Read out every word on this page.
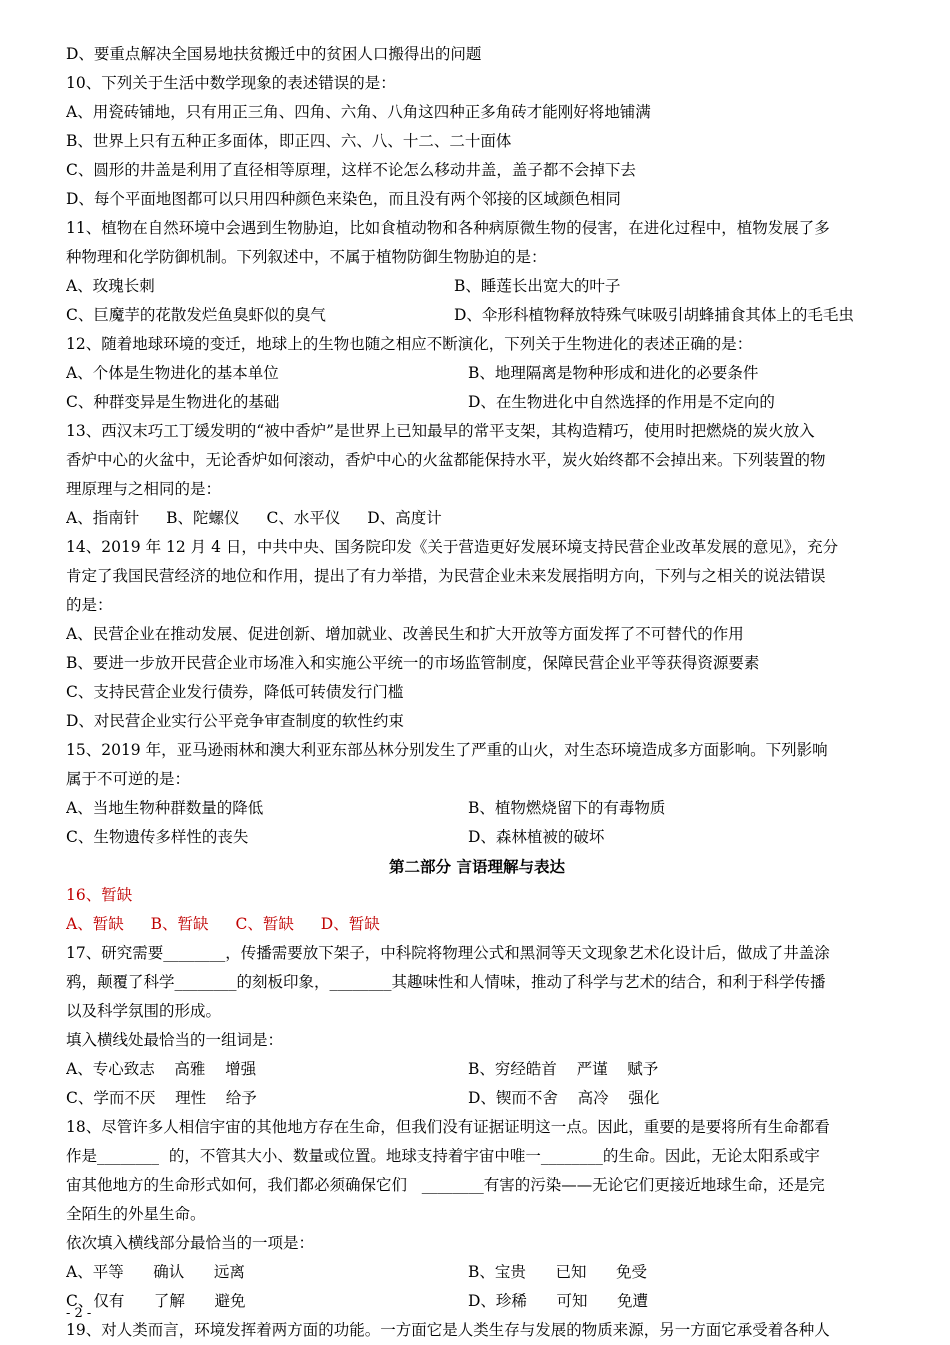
D、要重点解决全国易地扶贫搬迁中的贫困人口搬得出的问题
10、下列关于生活中数学现象的表述错误的是：
A、用瓷砖铺地，只有用正三角、四角、六角、八角这四种正多角砖才能刚好将地铺满
B、世界上只有五种正多面体，即正四、六、八、十二、二十面体
C、圆形的井盖是利用了直径相等原理，这样不论怎么移动井盖，盖子都不会掉下去
D、每个平面地图都可以只用四种颜色来染色，而且没有两个邻接的区域颜色相同
11、植物在自然环境中会遇到生物胁迫，比如食植动物和各种病原微生物的侵害，在进化过程中，植物发展了多
种物理和化学防御机制。下列叙述中，不属于植物防御生物胁迫的是：
A、玫瑰长刺	B、睡莲长出宽大的叶子
C、巨魔芋的花散发烂鱼臭虾似的臭气	D、伞形科植物释放特殊气味吸引胡蜂捕食其体上的毛毛虫
12、随着地球环境的变迁，地球上的生物也随之相应不断演化，下列关于生物进化的表述正确的是：
A、个体是生物进化的基本单位	B、地理隔离是物种形成和进化的必要条件
C、种群变异是生物进化的基础	D、在生物进化中自然选择的作用是不定向的
13、西汉末巧工丁缓发明的“被中香炉”是世界上已知最早的常平支架，其构造精巧，使用时把燃烧的炭火放入
香炉中心的火盆中，无论香炉如何滚动，香炉中心的火盆都能保持水平，炭火始终都不会掉出来。下列装置的物
理原理与之相同的是：
A、指南针 B、陀螺仪 C、水平仪 D、高度计
14、2019 年 12 月 4 日，中共中央、国务院印发《关于营造更好发展环境支持民营企业改革发展的意见》，充分
肯定了我国民营经济的地位和作用，提出了有力举措，为民营企业未来发展指明方向，下列与之相关的说法错误
的是：
A、民营企业在推动发展、促进创新、增加就业、改善民生和扩大开放等方面发挥了不可替代的作用
B、要进一步放开民营企业市场准入和实施公平统一的市场监管制度，保障民营企业平等获得资源要素
C、支持民营企业发行债券，降低可转债发行门槛
D、对民营企业实行公平竞争审查制度的软性约束
15、2019 年，亚马逊雨林和澳大利亚东部丛林分别发生了严重的山火，对生态环境造成多方面影响。下列影响
属于不可逆的是：
A、当地生物种群数量的降低	B、植物燃烧留下的有毒物质
C、生物遗传多样性的丧失	D、森林植被的破坏
第二部分 言语理解与表达
16、暂缺
A、暂缺 B、暂缺 C、暂缺 D、暂缺
17、研究需要________，传播需要放下架子，中科院将物理公式和黑洞等天文现象艺术化设计后，做成了井盖涂
鸦，颠覆了科学________的刻板印象，________其趣味性和人情味，推动了科学与艺术的结合，和利于科学传播
以及科学氛围的形成。
填入横线处最恰当的一组词是：
A、专心致志    高雅    增强	B、穷经皓首    严谨    赋予
C、学而不厌    理性    给予	D、锲而不舍    高冷    强化
18、尽管许多人相信宇宙的其他地方存在生命，但我们没有证据证明这一点。因此，重要的是要将所有生命都看
作是________  的，不管其大小、数量或位置。地球支持着宇宙中唯一________的生命。因此，无论太阳系或宇
宙其他地方的生命形式如何，我们都必须确保它们   ________有害的污染——无论它们更接近地球生命，还是完
全陌生的外星生命。
依次填入横线部分最恰当的一项是：
A、平等      确认      远离	B、宝贵      已知      免受
C、仅有      了解      避免	D、珍稀      可知      免遭
19、对人类而言，环境发挥着两方面的功能。一方面它是人类生存与发展的物质来源，另一方面它承受着各种人
- 2 -
